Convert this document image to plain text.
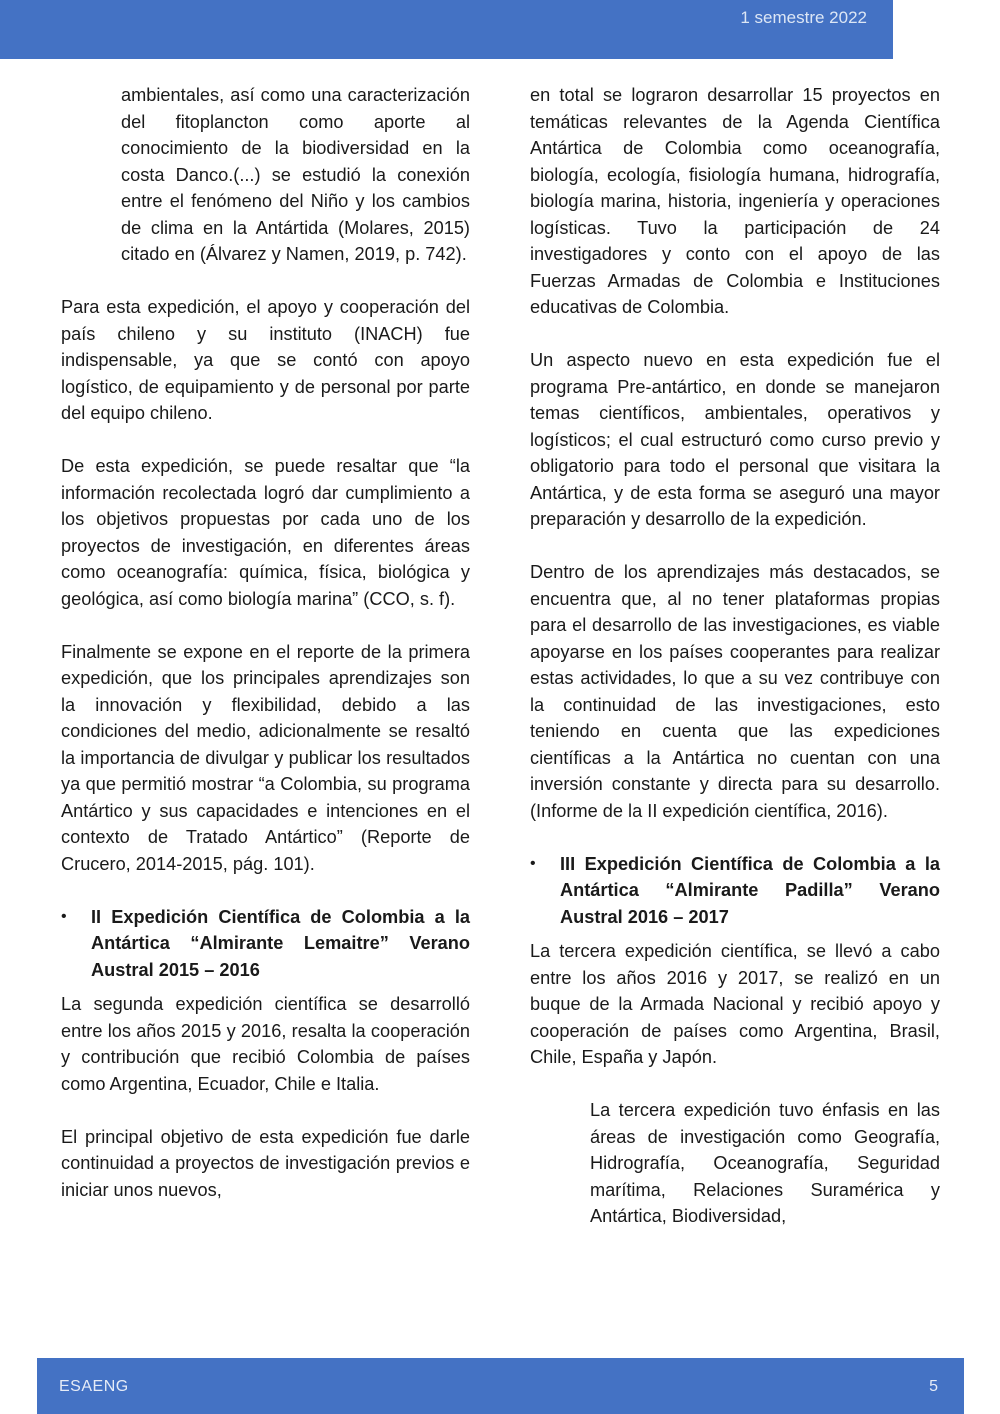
1 semestre 2022

ambientales, así como una caracterización del fitoplancton como aporte al conocimiento de la biodiversidad en la costa Danco.(...) se estudió la conexión entre el fenómeno del Niño y los cambios de clima en la Antártida (Molares, 2015) citado en (Álvarez y Namen, 2019, p. 742).

Para esta expedición, el apoyo y cooperación del país chileno y su instituto (INACH) fue indispensable, ya que se contó con apoyo logístico, de equipamiento y de personal por parte del equipo chileno.

De esta expedición, se puede resaltar que “la información recolectada logró dar cumplimiento a los objetivos propuestas por cada uno de los proyectos de investigación, en diferentes áreas como oceanografía: química, física, biológica y geológica, así como biología marina” (CCO, s. f).

Finalmente se expone en el reporte de la primera expedición, que los principales aprendizajes son la innovación y flexibilidad, debido a las condiciones del medio, adicionalmente se resaltó la importancia de divulgar y publicar los resultados ya que permitió mostrar “a Colombia, su programa Antártico y sus capacidades e intenciones en el contexto de Tratado Antártico” (Reporte de Crucero, 2014-2015, pág. 101).

•	II Expedición Científica de Colombia a la Antártica “Almirante Lemaitre” Verano Austral 2015 – 2016

La segunda expedición científica se desarrolló entre los años 2015 y 2016, resalta la cooperación y contribución que recibió Colombia de países como Argentina, Ecuador, Chile e Italia.

El principal objetivo de esta expedición fue darle continuidad a proyectos de investigación previos e iniciar unos nuevos,

en total se lograron desarrollar 15 proyectos en temáticas relevantes de la Agenda Científica Antártica de Colombia como oceanografía, biología, ecología, fisiología humana, hidrografía, biología marina, historia, ingeniería y operaciones logísticas. Tuvo la participación de 24 investigadores y conto con el apoyo de las Fuerzas Armadas de Colombia e Instituciones educativas de Colombia.

Un aspecto nuevo en esta expedición fue el programa Pre-antártico, en donde se manejaron temas científicos, ambientales, operativos y logísticos; el cual estructuró como curso previo y obligatorio para todo el personal que visitara la Antártica, y de esta forma se aseguró una mayor preparación y desarrollo de la expedición.

Dentro de los aprendizajes más destacados, se encuentra que, al no tener plataformas propias para el desarrollo de las investigaciones, es viable apoyarse en los países cooperantes para realizar estas actividades, lo que a su vez contribuye con la continuidad de las investigaciones, esto teniendo en cuenta que las expediciones científicas a la Antártica no cuentan con una inversión constante y directa para su desarrollo. (Informe de la II expedición científica, 2016).

•	III Expedición Científica de Colombia a la Antártica “Almirante Padilla” Verano Austral 2016 – 2017

La tercera expedición científica, se llevó a cabo entre los años 2016 y 2017, se realizó en un buque de la Armada Nacional y recibió apoyo y cooperación de países como Argentina, Brasil, Chile, España y Japón.

La tercera expedición tuvo énfasis en las áreas de investigación como Geografía, Hidrografía, Oceanografía, Seguridad marítima, Relaciones Suramérica y Antártica, Biodiversidad,

ESAENG	5
